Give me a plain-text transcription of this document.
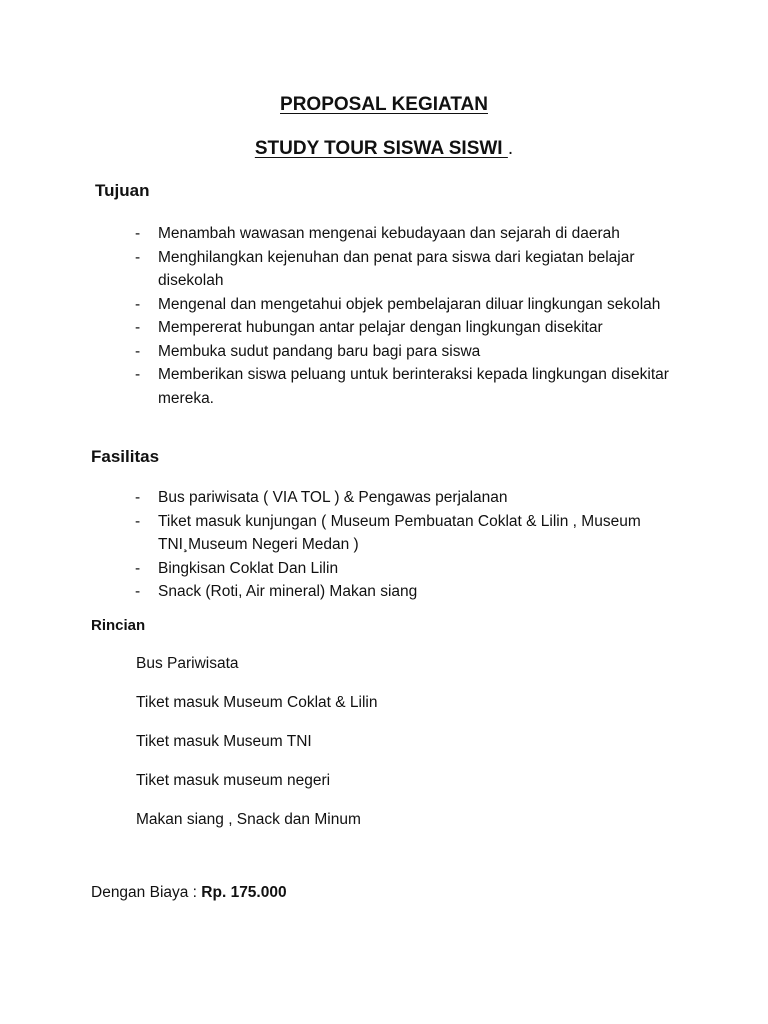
PROPOSAL KEGIATAN
STUDY TOUR SISWA SISWI .
Tujuan
- Menambah wawasan mengenai kebudayaan dan sejarah di daerah
- Menghilangkan kejenuhan dan penat para siswa dari kegiatan belajar disekolah
- Mengenal dan mengetahui objek pembelajaran diluar lingkungan sekolah
- Mempererat hubungan antar pelajar dengan lingkungan disekitar
- Membuka sudut pandang baru bagi para siswa
- Memberikan siswa peluang untuk berinteraksi kepada lingkungan disekitar mereka.
Fasilitas
- Bus pariwisata ( VIA TOL ) & Pengawas perjalanan
- Tiket masuk kunjungan ( Museum Pembuatan Coklat & Lilin , Museum TNI¸Museum Negeri Medan )
- Bingkisan Coklat Dan Lilin
- Snack (Roti, Air mineral) Makan siang
Rincian
Bus Pariwisata
Tiket masuk Museum Coklat & Lilin
Tiket masuk Museum TNI
Tiket masuk museum negeri
Makan siang , Snack dan Minum
Dengan Biaya : Rp. 175.000
